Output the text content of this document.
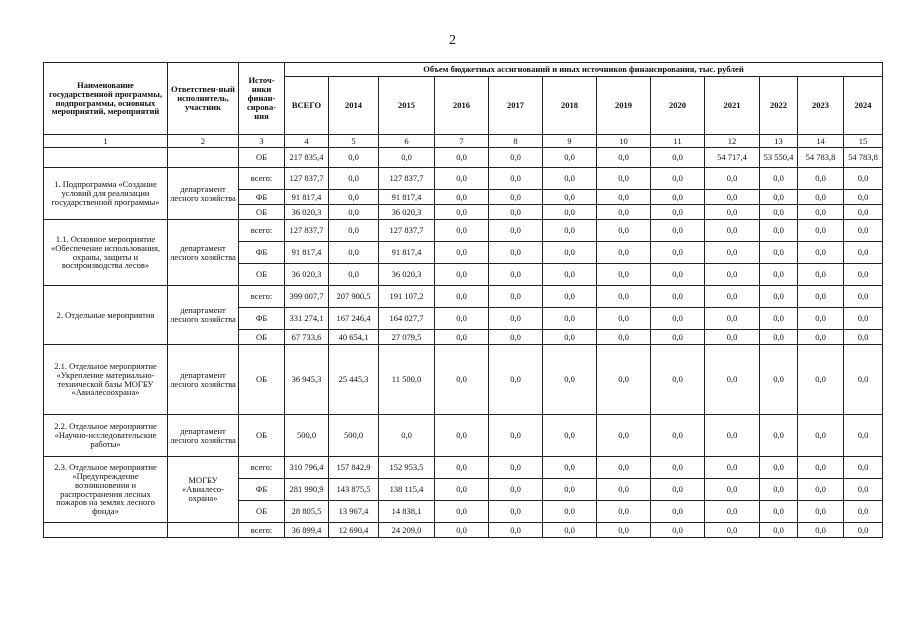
2
Наименование государственной программы, подпрограммы, основных мероприятий, мероприятий	Ответствен-ный исполнитель, участник	Источ-ники финан-сирова-ния	Объем бюджетных ассигнований и иных источников финансирования, тыс. рублей											
			ВСЕГО	2014	2015	2016	2017	2018	2019	2020	2021	2022	2023	2024
1	2	3	4	5	6	7	8	9	10	11	12	13	14	15
		ОБ	217 835,4	0,0	0,0	0,0	0,0	0,0	0,0	0,0	54 717,4	53 550,4	54 783,8	54 783,8
1. Подпрограмма «Создание условий для реализации государственной программы»	департамент лесного хозяйства	всего:	127 837,7	0,0	127 837,7	0,0	0,0	0,0	0,0	0,0	0,0	0,0	0,0	0,0
		ФБ	91 817,4	0,0	91 817,4	0,0	0,0	0,0	0,0	0,0	0,0	0,0	0,0	0,0
		ОБ	36 020,3	0,0	36 020,3	0,0	0,0	0,0	0,0	0,0	0,0	0,0	0,0	0,0
1.1. Основное мероприятие «Обеспечение использования, охраны, защиты и воспроизводства лесов»	департамент лесного хозяйства	всего:	127 837,7	0,0	127 837,7	0,0	0,0	0,0	0,0	0,0	0,0	0,0	0,0	0,0
		ФБ	91 817,4	0,0	91 817,4	0,0	0,0	0,0	0,0	0,0	0,0	0,0	0,0	0,0
		ОБ	36 020,3	0,0	36 020,3	0,0	0,0	0,0	0,0	0,0	0,0	0,0	0,0	0,0
2. Отдельные мероприятия	департамент лесного хозяйства	всего:	399 007,7	207 900,5	191 107,2	0,0	0,0	0,0	0,0	0,0	0,0	0,0	0,0	0,0
		ФБ	331 274,1	167 246,4	164 027,7	0,0	0,0	0,0	0,0	0,0	0,0	0,0	0,0	0,0
		ОБ	67 733,6	40 654,1	27 079,5	0,0	0,0	0,0	0,0	0,0	0,0	0,0	0,0	0,0
2.1. Отдельное мероприятие «Укрепление материально-технической базы МОГБУ «Авиалесоохрана»	департамент лесного хозяйства	ОБ	36 945,3	25 445,3	11 500,0	0,0	0,0	0,0	0,0	0,0	0,0	0,0	0,0	0,0
2.2. Отдельное мероприятие «Научно-исследовательские работы»	департамент лесного хозяйства	ОБ	500,0	500,0	0,0	0,0	0,0	0,0	0,0	0,0	0,0	0,0	0,0	0,0
2.3. Отдельное мероприятие «Предупреждение возникновения и распространения лесных пожаров на землях лесного фонда»	МОГБУ «Авиалесо-охрана»	всего:	310 796,4	157 842,9	152 953,5	0,0	0,0	0,0	0,0	0,0	0,0	0,0	0,0	0,0
		ФБ	281 990,9	143 875,5	138 115,4	0,0	0,0	0,0	0,0	0,0	0,0	0,0	0,0	0,0
		ОБ	28 805,5	13 967,4	14 838,1	0,0	0,0	0,0	0,0	0,0	0,0	0,0	0,0	0,0
		всего:	36 899,4	12 690,4	24 209,0	0,0	0,0	0,0	0,0	0,0	0,0	0,0	0,0	0,0
